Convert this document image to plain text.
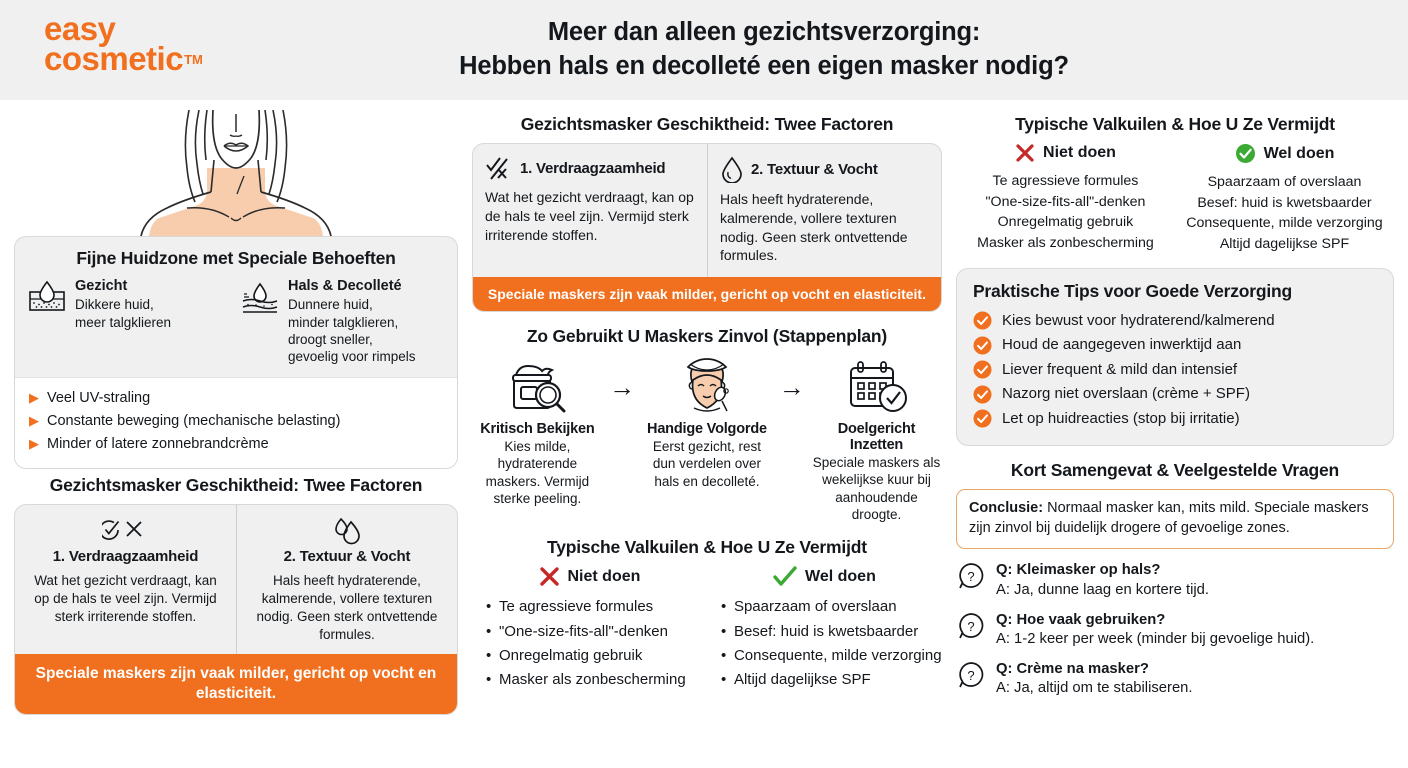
easy
cosmetic™
Meer dan alleen gezichtsverzorging:
Hebben hals en decolleté een eigen masker nodig?
Fijne Huidzone met Speciale Behoeften
Gezicht

Dikkere huid,
meer talgklieren

Hals & Decolleté

Dunnere huid,
minder talgklieren,
droogt sneller,
gevoelig voor rimpels

▶ Veel UV-straling
▶ Constante beweging (mechanische belasting)
▶ Minder of latere zonnebrandcrème
Gezichtsmasker Geschiktheid: Twee Factoren
1. Verdraagzaamheid
Wat het gezicht verdraagt, kan op de hals te veel zijn. Vermijd sterk irriterende stoffen.
2. Textuur & Vocht
Hals heeft hydraterende, kalmerende, vollere texturen nodig. Geen sterk ontvettende formules.
Speciale maskers zijn vaak milder, gericht op vocht en elasticiteit.
Gezichtsmasker Geschiktheid: Twee Factoren
1. Verdraagzaamheid
Wat het gezicht verdraagt, kan op de hals te veel zijn. Vermijd sterk irriterende stoffen.
2. Textuur & Vocht
Hals heeft hydraterende, kalmerende, vollere texturen nodig. Geen sterk ontvettende formules.
Speciale maskers zijn vaak milder, gericht op vocht en elasticiteit.
Zo Gebruikt U Maskers Zinvol (Stappenplan)
Kritisch Bekijken

Kies milde, hydraterende maskers. Vermijd sterke peeling.

→
Handige Volgorde

Eerst gezicht, rest dun verdelen over hals en decolleté.

→
Doelgericht Inzetten

Speciale maskers als wekelijkse kuur bij aanhoudende droogte.

Typische Valkuilen & Hoe U Ze Vermijdt
Niet doen
• Te agressieve formules
• "One-size-fits-all"-denken
• Onregelmatig gebruik
• Masker als zonbescherming
Wel doen
• Spaarzaam of overslaan
• Besef: huid is kwetsbaarder
• Consequente, milde verzorging
• Altijd dagelijkse SPF
Typische Valkuilen & Hoe U Ze Vermijdt
Niet doen
Te agressieve formules
"One-size-fits-all"-denken
Onregelmatig gebruik
Masker als zonbescherming
Wel doen
Spaarzaam of overslaan
Besef: huid is kwetsbaarder
Consequente, milde verzorging
Altijd dagelijkse SPF
Praktische Tips voor Goede Verzorging
Kies bewust voor hydraterend/kalmerend
Houd de aangegeven inwerktijd aan
Liever frequent & mild dan intensief
Nazorg niet overslaan (crème + SPF)
Let op huidreacties (stop bij irritatie)
Kort Samengevat & Veelgestelde Vragen
Conclusie: Normaal masker kan, mits mild. Speciale maskers zijn zinvol bij duidelijk drogere of gevoelige zones.
? Q: Kleimasker op hals?
A: Ja, dunne laag en kortere tijd.
? Q: Hoe vaak gebruiken?
A: 1-2 keer per week (minder bij gevoelige huid).
? Q: Crème na masker?
A: Ja, altijd om te stabiliseren.
